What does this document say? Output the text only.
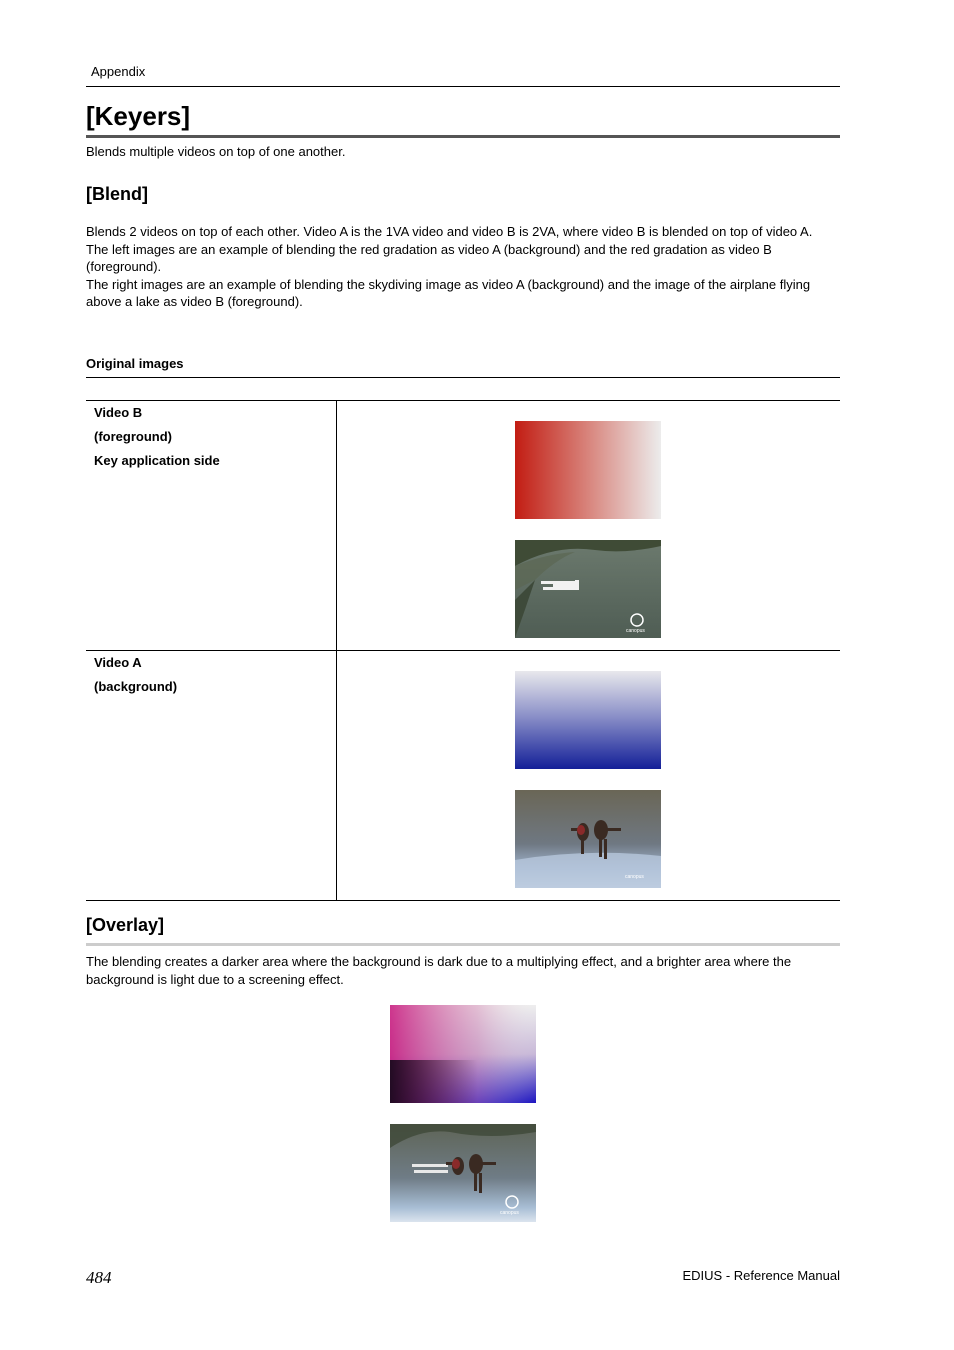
Appendix
[Keyers]
Blends multiple videos on top of one another.
[Blend]
Blends 2 videos on top of each other. Video A is the 1VA video and video B is 2VA, where video B is blended on top of video A.
The left images are an example of blending the red gradation as video A (background) and the red gradation as video B (foreground).
The right images are an example of blending the skydiving image as video A (background) and the image of the airplane flying above a lake as video B (foreground).
Original images
Video B
(foreground)
Key application side
Video A
(background)
canopus
canopus
[Overlay]
The blending creates a darker area where the background is dark due to a multiplying effect, and a brighter area where the background is light due to a screening effect.
canopus
484	EDIUS - Reference Manual
